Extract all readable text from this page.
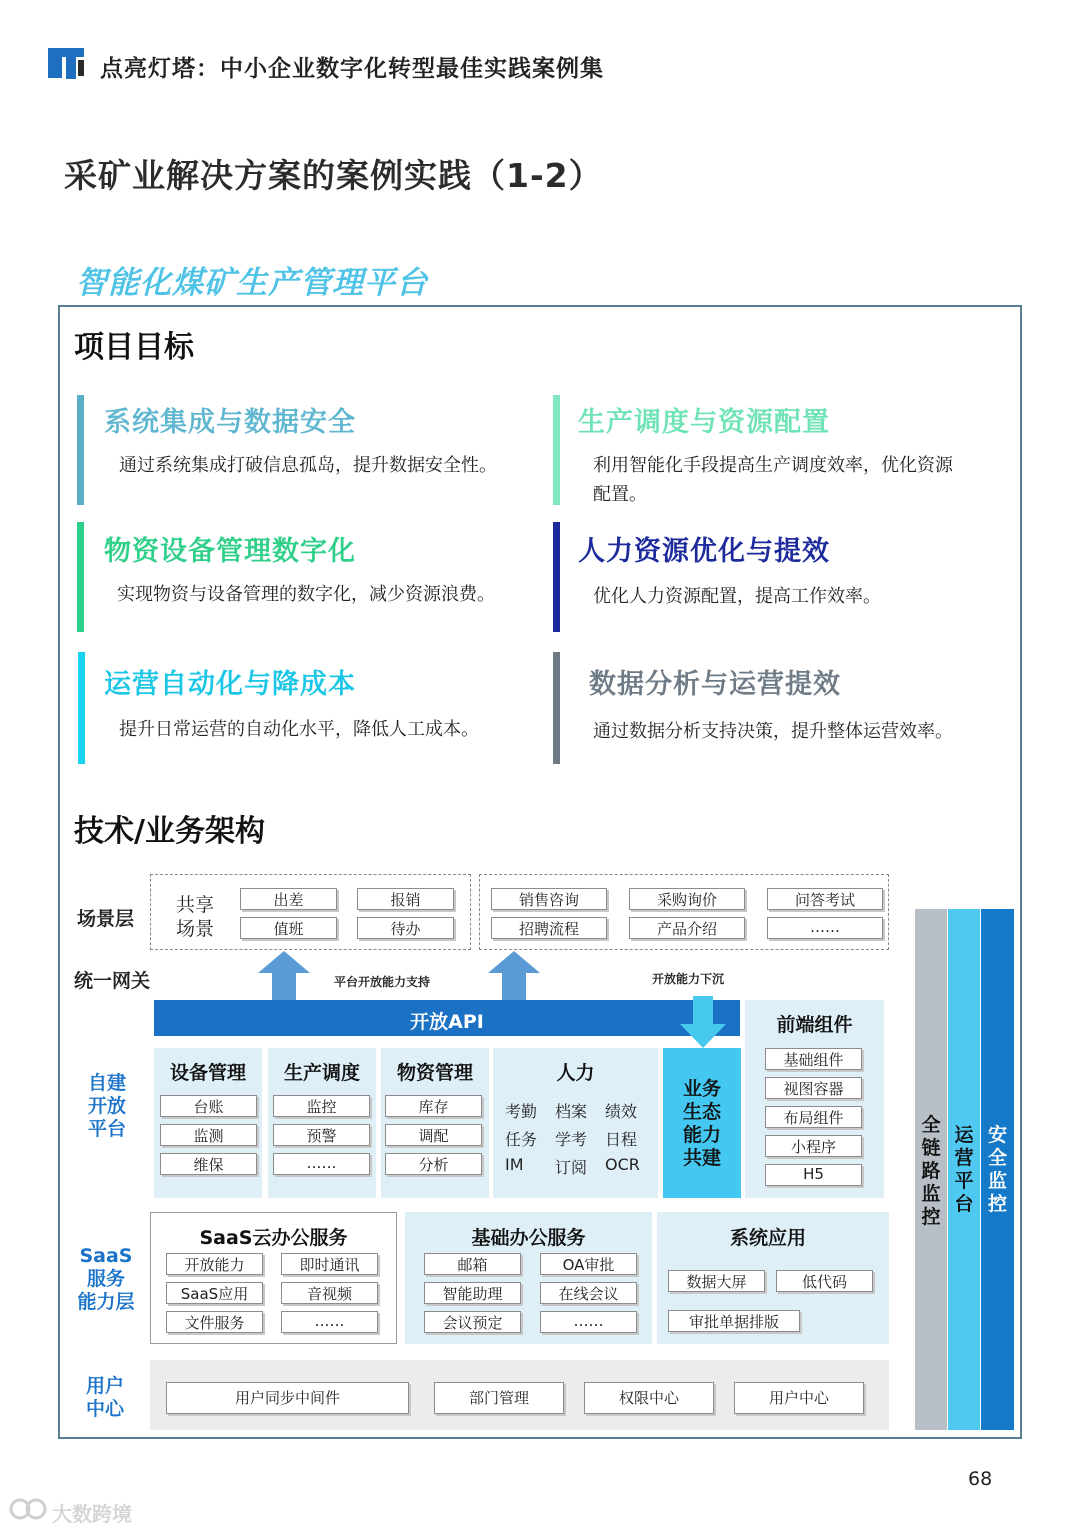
点亮灯塔：中小企业数字化转型最佳实践案例集
采矿业解决方案的案例实践（1-2）
智能化煤矿生产管理平台
项目目标
系统集成与数据安全
通过系统集成打破信息孤岛，提升数据安全性。
生产调度与资源配置
利用智能化手段提高生产调度效率，优化资源
配置。
物资设备管理数字化
实现物资与设备管理的数字化，减少资源浪费。
人力资源优化与提效
优化人力资源配置，提高工作效率。
运营自动化与降成本
提升日常运营的自动化水平，降低人工成本。
数据分析与运营提效
通过数据分析支持决策，提升整体运营效率。
技术/业务架构
场景层
共享
场景
出差	报销
值班	待办
销售咨询	采购询价	问答考试
招聘流程	产品介绍	……
统一网关	平台开放能力支持	开放能力下沉
自建
开放
平台
开放API
设备管理
台账
监测
维保
生产调度
监控
预警
……
物资管理
库存
调配
分析
人力
考勤 档案 绩效
任务 学考 日程
IM 订阅 OCR
业务
生态
能力
共建
前端组件
基础组件
视图容器
布局组件
小程序
H5
SaaS
服务
能力层
SaaS云办公服务
开放能力	即时通讯
SaaS应用	音视频
文件服务	……
基础办公服务
邮箱	OA审批
智能助理	在线会议
会议预定	……
系统应用
数据大屏	低代码
审批单据排版
用户
中心	用户同步中间件	部门管理	权限中心	用户中心
全
链
路
监
控
运
营
平
台
安
全
监
控
68
大数跨境
